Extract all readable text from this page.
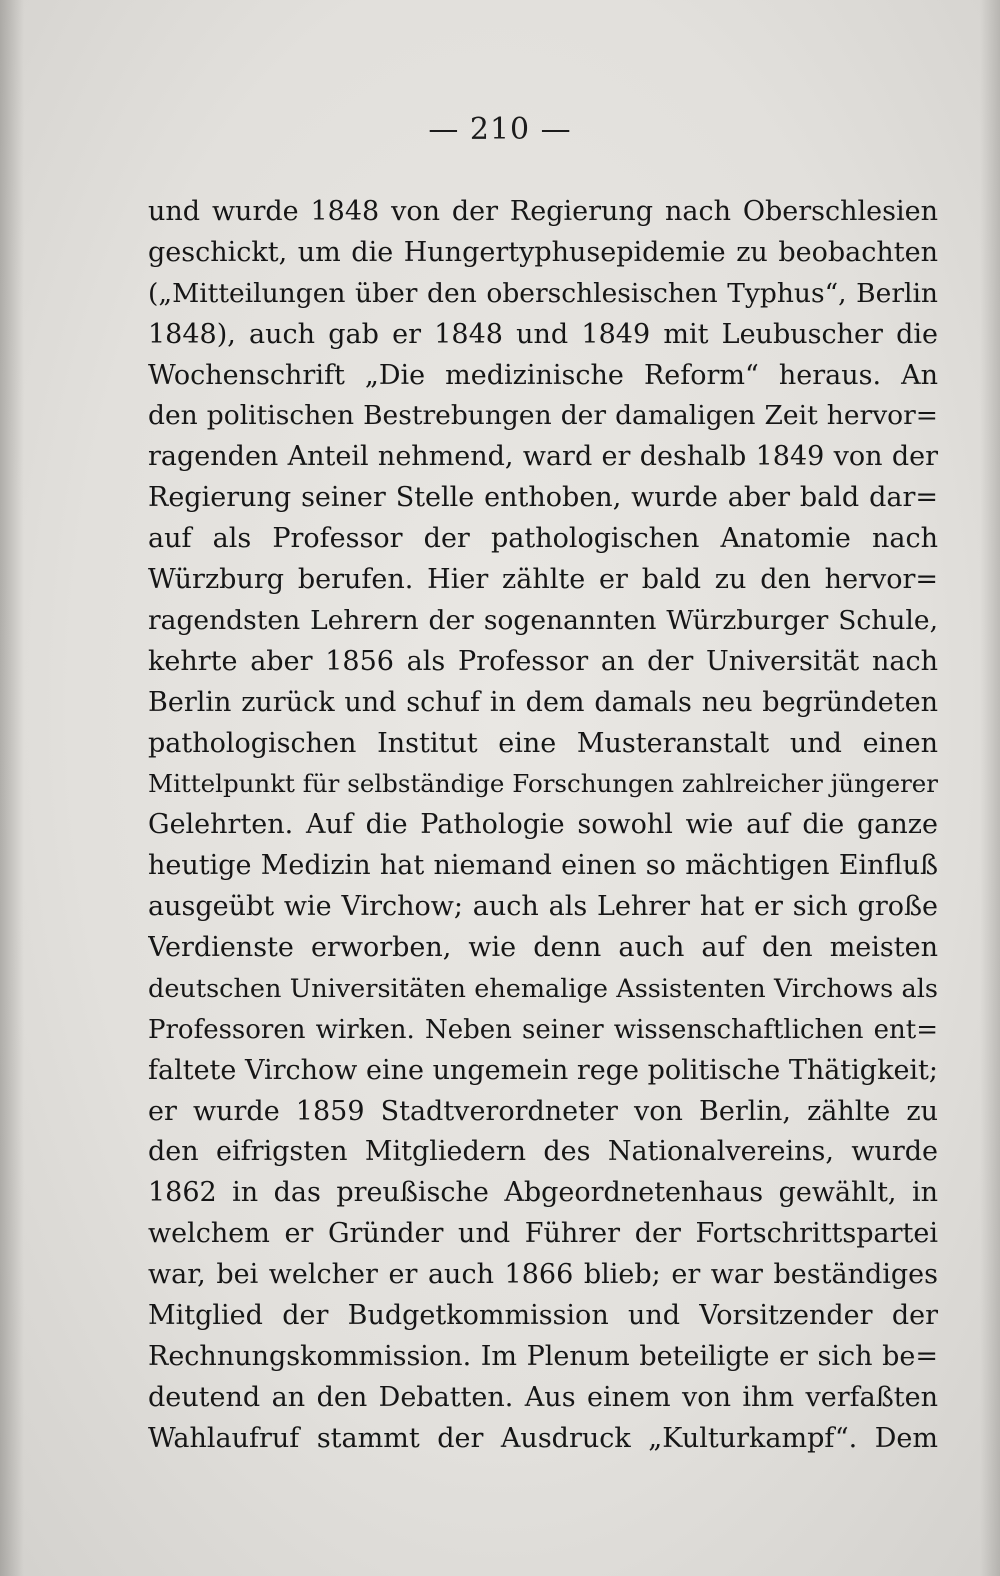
— 210 —
und wurde 1848 von der Regierung nach Oberschlesien
geschickt, um die Hungertyphusepidemie zu beobachten
(„Mitteilungen über den oberschlesischen Typhus“, Berlin
1848), auch gab er 1848 und 1849 mit Leubuscher die
Wochenschrift „Die medizinische Reform“ heraus. An
den politischen Bestrebungen der damaligen Zeit hervor=
ragenden Anteil nehmend, ward er deshalb 1849 von der
Regierung seiner Stelle enthoben, wurde aber bald dar=
auf als Professor der pathologischen Anatomie nach
Würzburg berufen. Hier zählte er bald zu den hervor=
ragendsten Lehrern der sogenannten Würzburger Schule,
kehrte aber 1856 als Professor an der Universität nach
Berlin zurück und schuf in dem damals neu begründeten
pathologischen Institut eine Musteranstalt und einen
Mittelpunkt für selbständige Forschungen zahlreicher jüngerer
Gelehrten. Auf die Pathologie sowohl wie auf die ganze
heutige Medizin hat niemand einen so mächtigen Einfluß
ausgeübt wie Virchow; auch als Lehrer hat er sich große
Verdienste erworben, wie denn auch auf den meisten
deutschen Universitäten ehemalige Assistenten Virchows als
Professoren wirken. Neben seiner wissenschaftlichen ent=
faltete Virchow eine ungemein rege politische Thätigkeit;
er wurde 1859 Stadtverordneter von Berlin, zählte zu
den eifrigsten Mitgliedern des Nationalvereins, wurde
1862 in das preußische Abgeordnetenhaus gewählt, in
welchem er Gründer und Führer der Fortschrittspartei
war, bei welcher er auch 1866 blieb; er war beständiges
Mitglied der Budgetkommission und Vorsitzender der
Rechnungskommission. Im Plenum beteiligte er sich be=
deutend an den Debatten. Aus einem von ihm verfaßten
Wahlaufruf stammt der Ausdruck „Kulturkampf“. Dem
